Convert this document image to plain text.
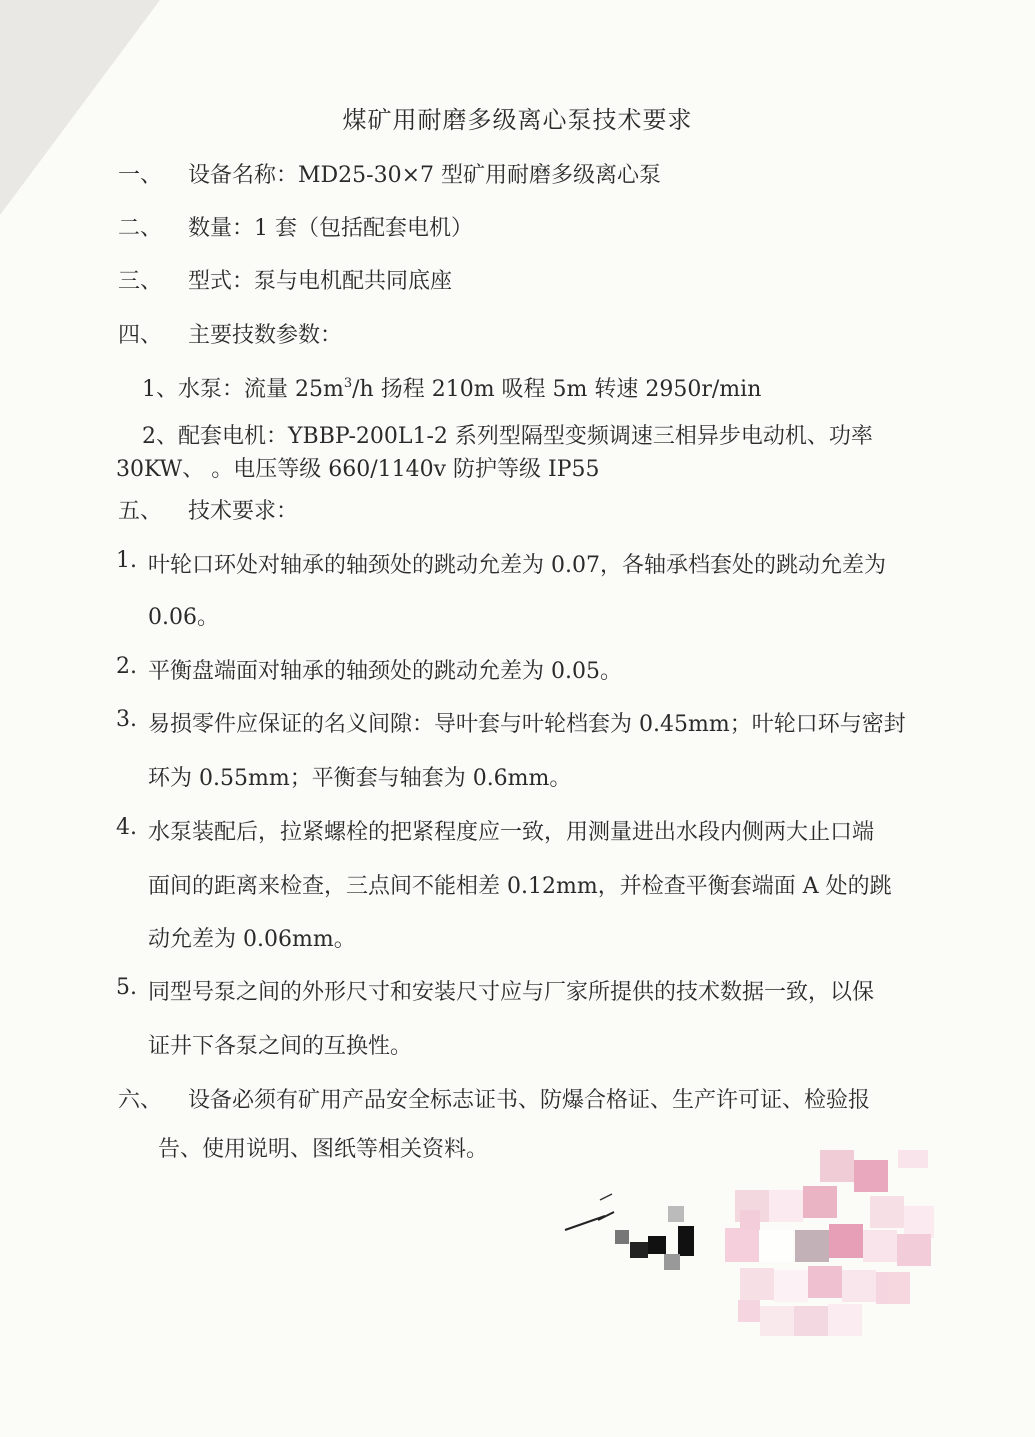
煤矿用耐磨多级离心泵技术要求
一、 设备名称：MD25-30×7 型矿用耐磨多级离心泵
二、 数量：1 套（包括配套电机）
三、 型式：泵与电机配共同底座
四、 主要技数参数：
1、水泵：流量 $25m^3/h$ 扬程 210m 吸程 5m 转速 2950r/min
2、配套电机：YBBP-200L1-2 系列型隔型变频调速三相异步电动机、功率
30KW、 。电压等级 660/1140v 防护等级 IP55
五、 技术要求：
1. 叶轮口环处对轴承的轴颈处的跳动允差为 0.07，各轴承档套处的跳动允差为
0.06。
2. 平衡盘端面对轴承的轴颈处的跳动允差为 0.05。
3. 易损零件应保证的名义间隙：导叶套与叶轮档套为 0.45mm；叶轮口环与密封
环为 0.55mm；平衡套与轴套为 0.6mm。
4. 水泵装配后，拉紧螺栓的把紧程度应一致，用测量进出水段内侧两大止口端
面间的距离来检查，三点间不能相差 0.12mm，并检查平衡套端面 A 处的跳
动允差为 0.06mm。
5. 同型号泵之间的外形尺寸和安装尺寸应与厂家所提供的技术数据一致，以保
证井下各泵之间的互换性。
六、 设备必须有矿用产品安全标志证书、防爆合格证、生产许可证、检验报
告、使用说明、图纸等相关资料。
